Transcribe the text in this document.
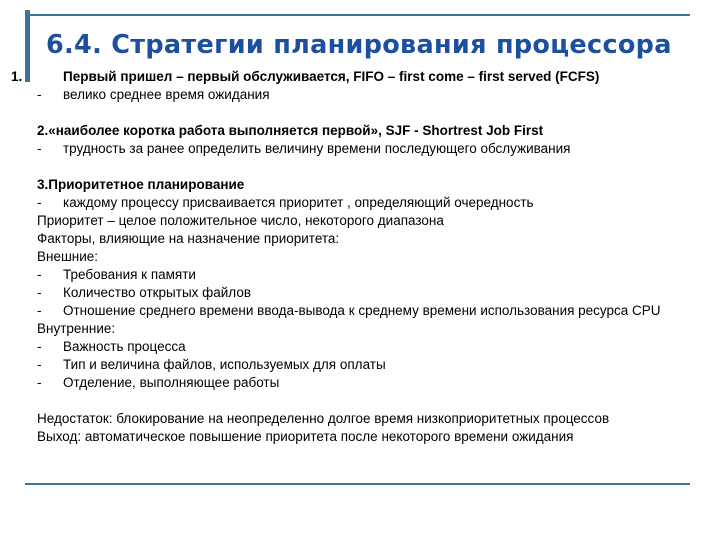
6.4. Стратегии планирования процессора

1.	Первый пришел – первый обслуживается, FIFO – first come – first served (FCFS)

- велико среднее время ожидания

2.«наиболее коротка работа выполняется первой», SJF - Shortrest Job First

- трудность за ранее определить величину времени последующего обслуживания

3.Приоритетное планирование

- каждому процессу присваивается приоритет , определяющий очередность

Приоритет – целое положительное число, некоторого диапазона

Факторы, влияющие на назначение приоритета:

Внешние:

- Требования к памяти
- Количество открытых файлов
- Отношение среднего времени ввода-вывода к среднему времени использования ресурса CPU

Внутренние:

- Важность процесса
- Тип и величина файлов, используемых для оплаты
- Отделение, выполняющее работы

Недостаток: блокирование на неопределенно долгое время низкоприоритетных процессов

Выход: автоматическое повышение приоритета после некоторого времени ожидания
